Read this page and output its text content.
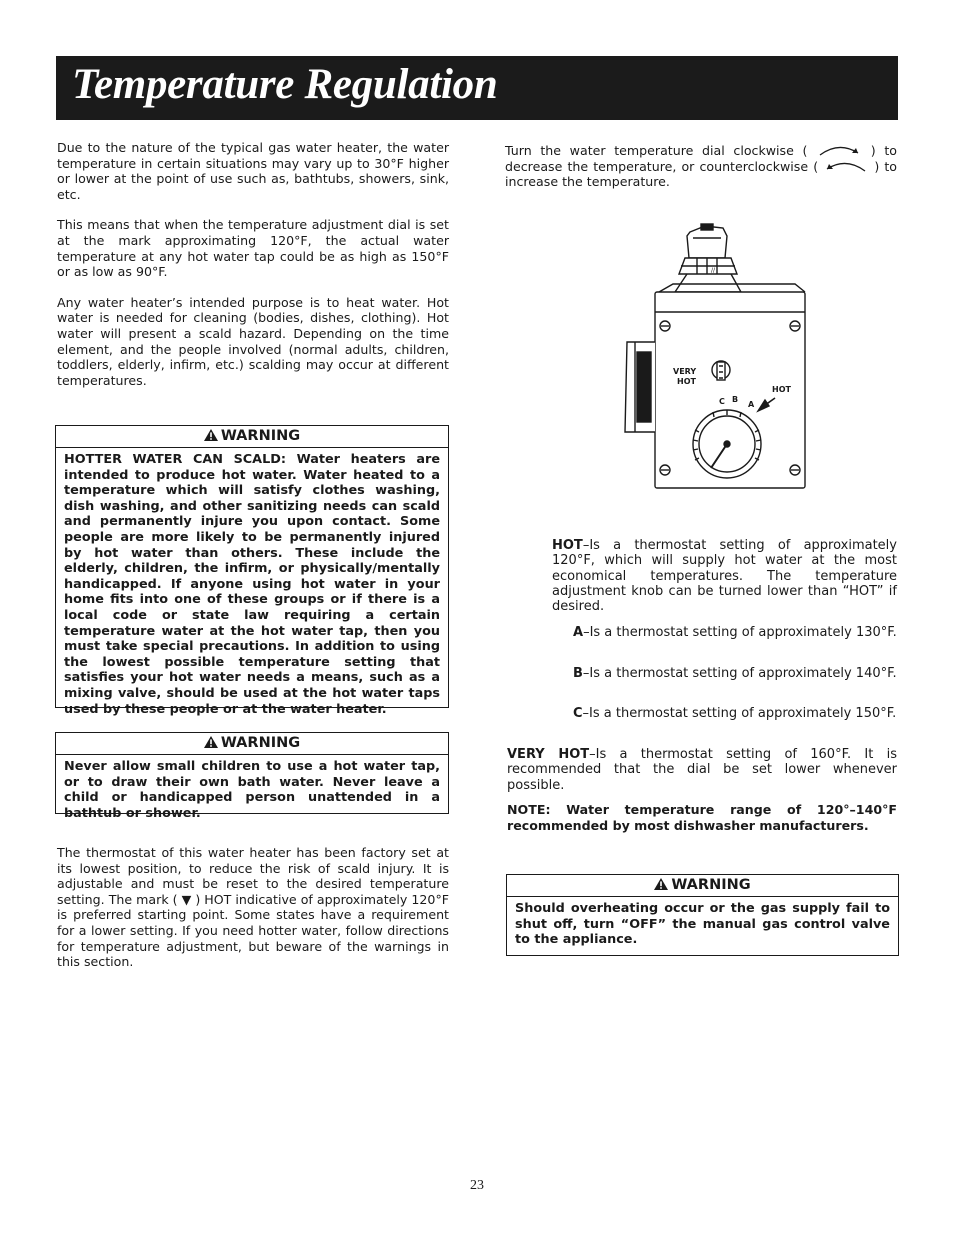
Temperature Regulation

Due to the nature of the typical gas water heater, the water temperature in certain situations may vary up to 30°F higher or lower at the point of use such as, bathtubs, showers, sink, etc.

This means that when the temperature adjustment dial is set at the mark approximating 120°F, the actual water temperature at any hot water tap could be as high as 150°F or as low as 90°F.

Any water heater’s intended purpose is to heat water. Hot water is needed for cleaning (bodies, dishes, clothing). Hot water will present a scald hazard. Depending on the time element, and the people involved (normal adults, children, toddlers, elderly, infirm, etc.) scalding may occur at different temperatures.

WARNING
HOTTER WATER CAN SCALD: Water heaters are intended to produce hot water. Water heated to a temperature which will satisfy clothes washing, dish washing, and other sanitizing needs can scald and permanently injure you upon contact. Some people are more likely to be permanently injured by hot water than others. These include the elderly, children, the infirm, or physically/mentally handicapped. If anyone using hot water in your home fits into one of these groups or if there is a local code or state law requiring a certain temperature water at the hot water tap, then you must take special precautions. In addition to using the lowest possible temperature setting that satisfies your hot water needs a means, such as a mixing valve, should be used at the hot water taps used by these people or at the water heater.
WARNING
Never allow small children to use a hot water tap, or to draw their own bath water. Never leave a child or handicapped person unattended in a bathtub or shower.

The thermostat of this water heater has been factory set at its lowest position, to reduce the risk of scald injury. It is adjustable and must be reset to the desired temperature setting. The mark ( ▼ ) HOT indicative of approximately 120°F is preferred starting point. Some states have a requirement for a lower setting. If you need hotter water, follow directions for temperature adjustment, but beware of the warnings in this section.

Turn the water temperature dial clockwise (	) to decrease the temperature, or counterclockwise (	) to increase the temperature.

//
VERY
HOT
HOT
C B
A
HOT–Is a thermostat setting of approximately 120°F, which will supply hot water at the most economical temperatures. The temperature adjustment knob can be turned lower than “HOT” if desired.
A–Is a thermostat setting of approximately 130°F.
B–Is a thermostat setting of approximately 140°F.
C–Is a thermostat setting of approximately 150°F.
VERY HOT–Is a thermostat setting of 160°F. It is recommended that the dial be set lower whenever possible.

NOTE: Water temperature range of 120°–140°F recommended by most dishwasher manufacturers.

WARNING
Should overheating occur or the gas supply fail to shut off, turn “OFF” the manual gas control valve to the appliance.
23
